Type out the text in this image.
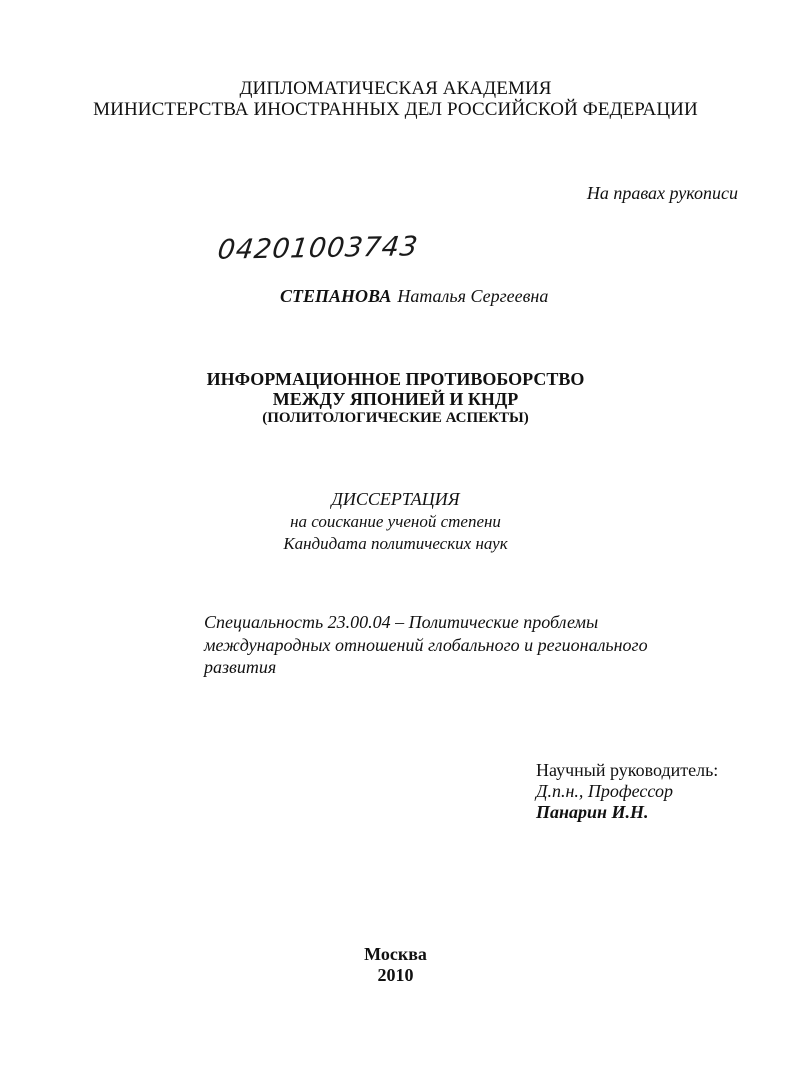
ДИПЛОМАТИЧЕСКАЯ АКАДЕМИЯ
МИНИСТЕРСТВА ИНОСТРАННЫХ ДЕЛ РОССИЙСКОЙ ФЕДЕРАЦИИ
На правах рукописи
04201003743
СТЕПАНОВА Наталья Сергеевна
ИНФОРМАЦИОННОЕ ПРОТИВОБОРСТВО
МЕЖДУ ЯПОНИЕЙ И КНДР
(ПОЛИТОЛОГИЧЕСКИЕ АСПЕКТЫ)
ДИССЕРТАЦИЯ
на соискание ученой степени
Кандидата политических наук
Специальность 23.00.04 – Политические проблемы
международных отношений глобального и регионального
развития
Научный руководитель:
Д.п.н., Профессор
Панарин И.Н.
Москва
2010
